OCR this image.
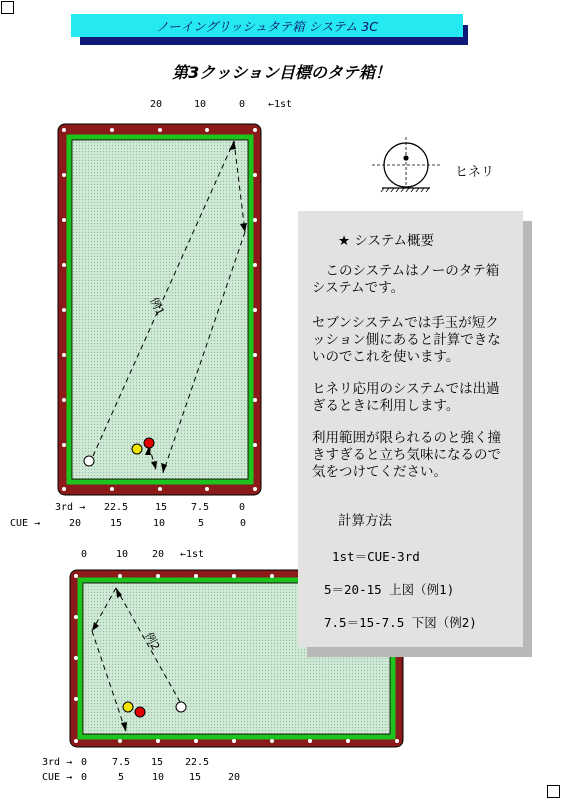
ノーイングリッシュタテ箱 システム 3C
第3クッション目標のタテ箱！
20	10	0	←1st
3rd →	22.5	15	7.5	0
CUE →	20	15	10	5	0
0	10	20	←1st
例1
例2
ヒネリ
3rd → 0	7.5	15	22.5
CUE → 0	5	10	15	20

★ システム概要

このシステムはノーのタテ箱システムです。

セブンシステムでは手玉が短クッション側にあると計算できないのでこれを使います。

ヒネリ応用のシステムでは出過ぎるときに利用します。

利用範囲が限られるのと強く撞きすぎると立ち気味になるので気をつけてください。

計算方法

1st＝CUE-3rd

5＝20-15 上図（例1)

7.5＝15-7.5 下図（例2)
